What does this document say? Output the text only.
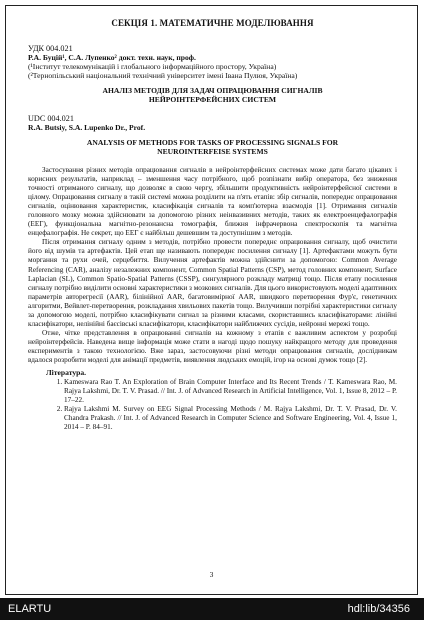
СЕКЦІЯ 1. МАТЕМАТИЧНЕ МОДЕЛЮВАННЯ
УДК 004.021
Р.А. Буцій¹, С.А. Лупенко² докт. техн. наук, проф.
(¹Інститут телекомунікацій і глобального інформаційного простору, Україна)
(²Тернопільський національний технічний університет імені Івана Пулюя, Україна)
АНАЛІЗ МЕТОДІВ ДЛЯ ЗАДАЧ ОПРАЦЮВАННЯ СИГНАЛІВ
НЕЙРОІНТЕРФЕЙСНИХ СИСТЕМ
UDC 004.021
R.A. Butsiy, S.A. Lupenko Dr., Prof.
ANALYSIS OF METHODS FOR TASKS OF PROCESSING SIGNALS FOR
NEUROINTERFEISE SYSTEMS

Застосування різних методів опрацювання сигналів в нейроінтерфейсних системах може дати багато цікавих і корисних результатів, наприклад – зменшення часу потрібного, щоб розпізнати вибір оператора, без зниження точності отриманого сигналу, що дозволяє в свою чергу, збільшити продуктивність нейроінтерфейсної системи в цілому. Опрацювання сигналу в такій системі можна розділити на п'ять етапів: збір сигналів, попереднє опрацювання сигналів, оцінювання характеристик, класифікація сигналів та комп'ютерна взаємодія [1]. Отримання сигналів головного мозку можна здійснювати за допомогою різних неінвазивних методів, таких як електроенцефалографія (ЕЕГ), функціональна магнітно-резонансна томографія, ближня інфрачервона спектроскопія та магнітна енцефалографія. Не секрет, що ЕЕГ є найбільш дешевшим та доступнішим з методів.

Після отримання сигналу одним з методів, потрібно провести попереднє опрацювання сигналу, щоб очистити його від шумів та артефактів. Цей етап ще називають попереднє посилення сигналу [1]. Артефактами можуть бути моргання та рухи очей, серцебиття. Вилучення артефактів можна здійснити за допомогою: Common Average Referencing (CAR), аналізу незалежних компонент, Common Spatial Patterns (CSP), метод головних компонент, Surface Laplacian (SL), Common Spatio-Spatial Patterns (CSSP), сингулярного розкладу матриці тощо. Після етапу посилення сигналу потрібно виділити основні характеристики з мозкових сигналів. Для цього використовують моделі адаптивних параметрів авторегресії (AAR), білінійної AAR, багатовимірної AAR, швидкого перетворення Фур'є, генетичних алгоритми, Вейвлет-перетворення, розкладання хвильових пакетів тощо. Вилучивши потрібні характеристики сигналу за допомогою моделі, потрібно класифікувати сигнал за різними класами, скориставшись класифікаторами: лінійні класифікатори, нелінійні баєсівські класифікатори, класифікатори найближчих сусідів, нейронні мережі тощо.

Отже, чітке представлення в опрацюванні сигналів на кожному з етапів є важливим аспектом у розробці нейроінтерфейсів. Наведена вище інформація може стати в нагоді щодо пошуку найкращого методу для проведення експериментів з такою технологією. Вже зараз, застосовуючи різні методи опрацювання сигналів, дослідникам вдалося розробити моделі для анімації предметів, виявлення людських емоцій, ігор на основі думок тощо [2].

Література.
1. Kameswara Rao T. An Exploration of Brain Computer Interface and Its Recent Trends / T. Kameswara Rao, M. Rajya Lakshmi, Dr. T. V. Prasad. // Int. J. of Advanced Research in Artificial Intelligence, Vol. 1, Issue 8, 2012 – P. 17–22.
2. Rajya Lakshmi M. Survey on EEG Signal Processing Methods / M. Rajya Lakshmi, Dr. T. V. Prasad, Dr. V. Chandra Prakash. // Int. J. of Advanced Research in Computer Science and Software Engineering, Vol. 4, Issue 1, 2014 – P. 84–91.
3
ELARTU	hdl:lib/34356
